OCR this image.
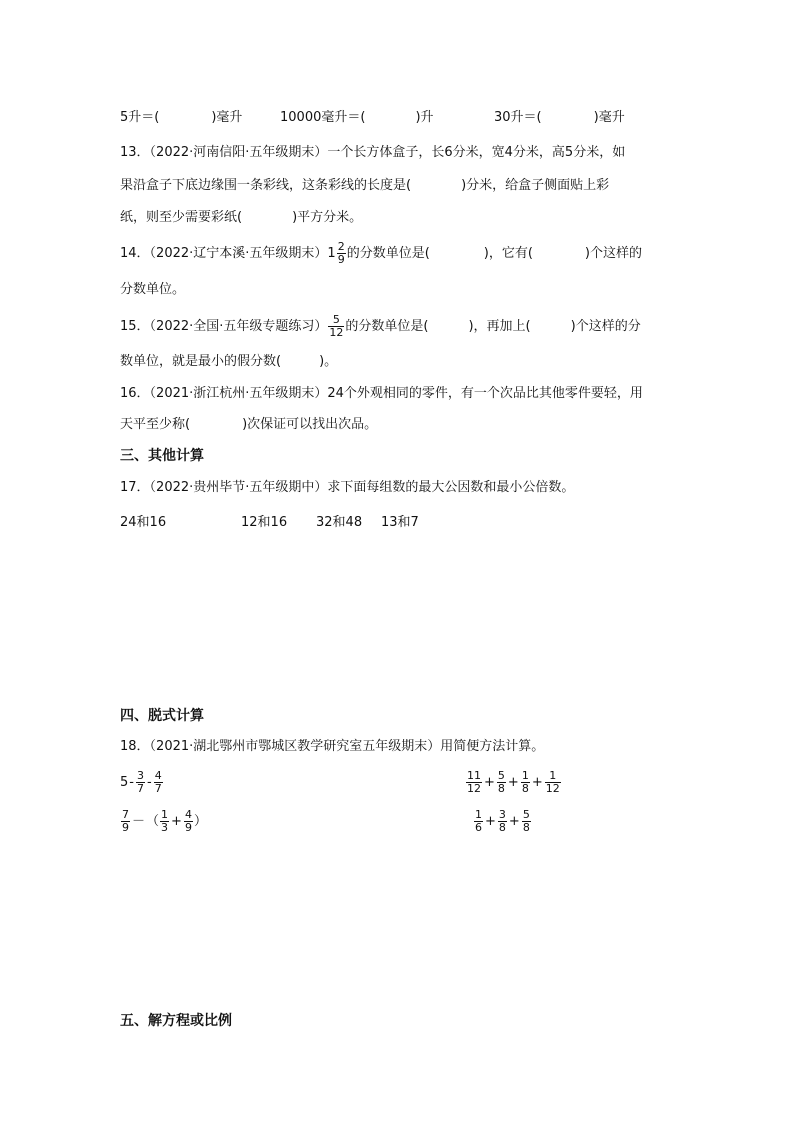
5升＝(	)毫升	10000毫升＝(	)升	30升＝(	)毫升
13．（2022·河南信阳·五年级期末）一个长方体盒子，长6分米，宽4分米，高5分米，如
果沿盒子下底边缘围一条彩线，这条彩线的长度是(	)分米，给盒子侧面贴上彩
纸，则至少需要彩纸(	)平方分米。
14．（2022·辽宁本溪·五年级期末）$1 \frac{2}{9}$ 的分数单位是(	)，它有(	)个这样的
分数单位。
15．（2022·全国·五年级专题练习） $\frac{5}{12}$ 的分数单位是(	)，再加上(	)个这样的分
数单位，就是最小的假分数(	)。
16．（2021·浙江杭州·五年级期末）24个外观相同的零件，有一个次品比其他零件要轻，用
天平至少称(	)次保证可以找出次品。
三、其他计算
17．（2022·贵州毕节·五年级期中）求下面每组数的最大公因数和最小公倍数。
24和16	12和16 32和48 13和7
四、脱式计算
18．（2021·湖北鄂州市鄂城区教学研究室五年级期末）用简便方法计算。
$5- \frac{3}{7} - \frac{4}{7}$	$\frac{11}{12} + \frac{5}{8} + \frac{1}{8} + \frac{1}{12}$
$\frac{7}{9}$ －（ $\frac{1}{3} + \frac{4}{9}$ ）	$\frac{1}{6} + \frac{3}{8} + \frac{5}{8}$
五、解方程或比例
